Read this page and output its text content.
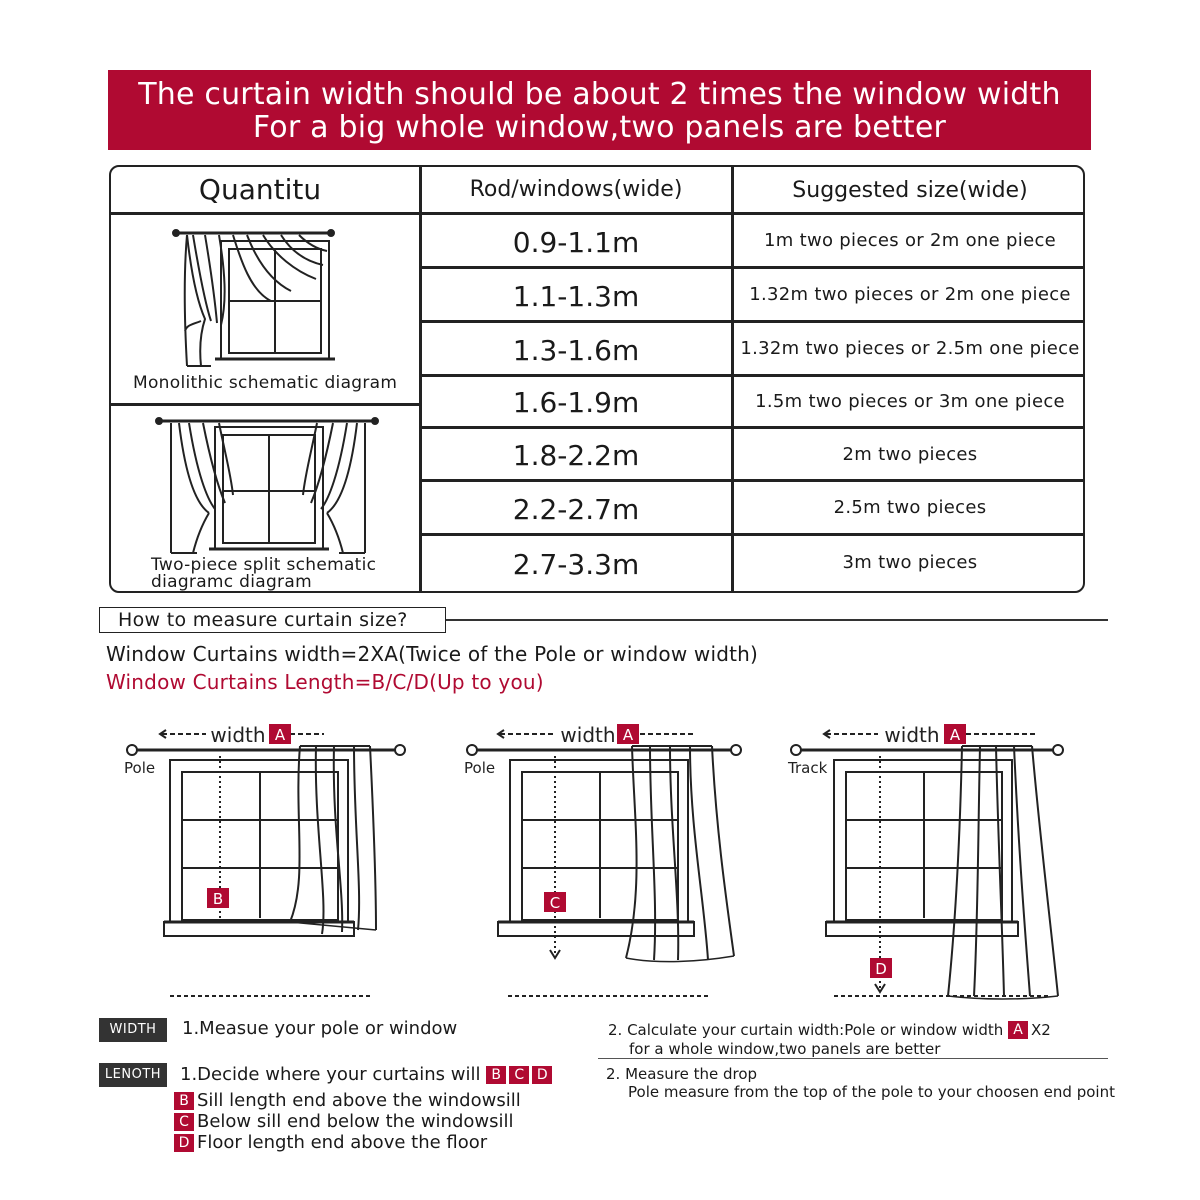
The curtain width should be about 2 times the window width
For a big whole window,two panels are better
Quantitu	Rod/windows(wide)	Suggested size(wide)
0.9-1.1m	1m two pieces or 2m one piece
1.1-1.3m	1.32m two pieces or 2m one piece
1.3-1.6m	1.32m two pieces or 2.5m one piece
1.6-1.9m	1.5m two pieces or 3m one piece
1.8-2.2m	2m two pieces
2.2-2.7m	2.5m two pieces
2.7-3.3m	3m two pieces
Monolithic schematic diagram
Two-piece split schematic
diagramc diagram
How to measure curtain size?
Window Curtains width=2XA(Twice of the Pole or window width)
Window Curtains Length=B/C/D(Up to you)
width A
Pole
B
width A
Pole
C
width A
Track
D
WIDTH	1.Measue your pole or window	2. Calculate your curtain width:Pole or window width A X2
for a whole window,two panels are better
LENOTH	1.Decide where your curtains will B C D
B Sill length end above the windowsill
C Below sill end below the windowsill
D Floor length end above the floor
2. Measure the drop
Pole measure from the top of the pole to your choosen end point
